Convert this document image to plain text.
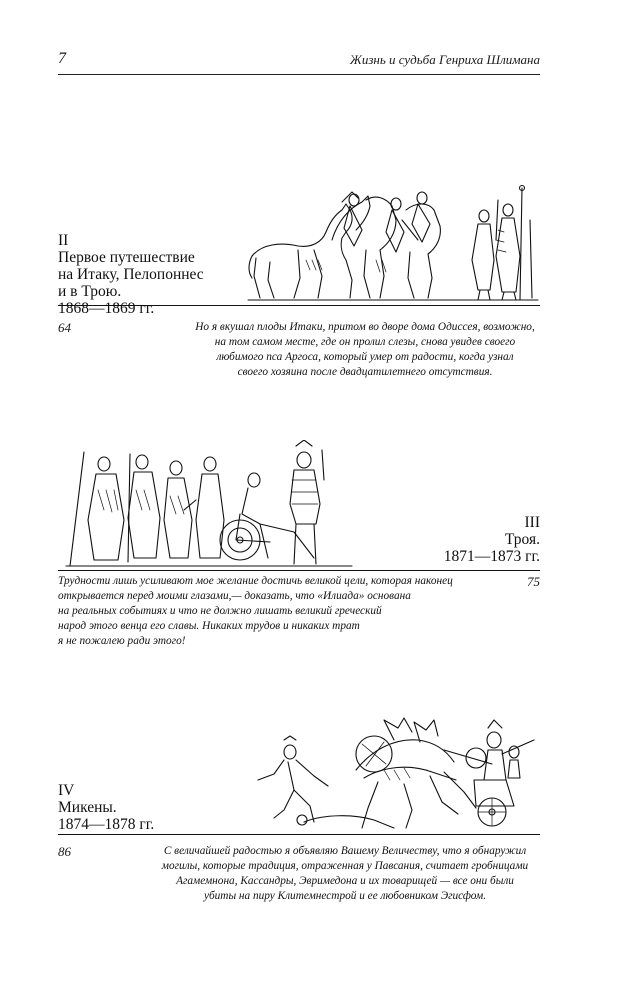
7	Жизнь и судьба Генриха Шлимана
II
Первое путешествие
на Итаку, Пелопоннес
и в Трою.
1868—1869 гг.
64	Но я вкушал плоды Итаки, притом во дворе дома Одиссея, возможно,
на том самом месте, где он пролил слезы, снова увидев своего
любимого пса Аргоса, который умер от радости, когда узнал
своего хозяина после двадцатилетнего отсутствия.
III
Троя.
1871—1873 гг.
75
Трудности лишь усиливают мое желание достичь великой цели, которая наконец
открывается перед моими глазами,— доказать, что «Илиада» основана
на реальных событиях и что не должно лишать великий греческий
народ этого венца его славы. Никаких трудов и никаких трат
я не пожалею ради этого!
IV
Микены.
1874—1878 гг.
86	С величайшей радостью я объявляю Вашему Величеству, что я обнаружил
могилы, которые традиция, отраженная у Павсания, считает гробницами
Агамемнона, Кассандры, Эвримедона и их товарищей — все они были
убиты на пиру Клитемнестрой и ее любовником Эгисфом.
